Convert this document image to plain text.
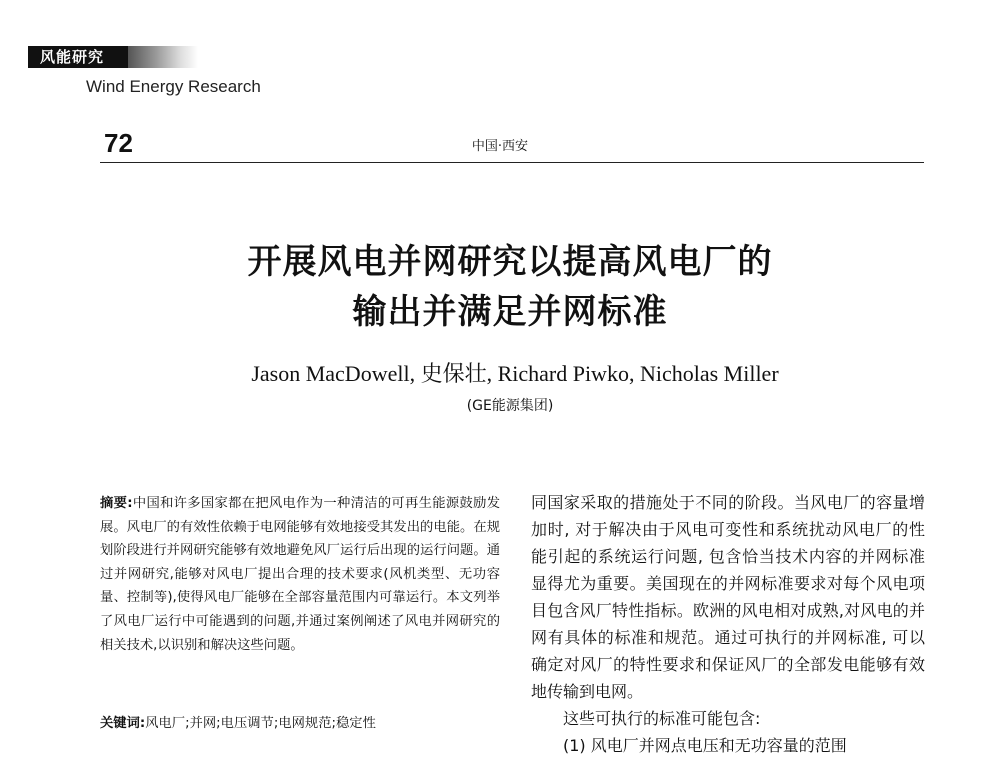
风能研究
Wind Energy Research
72	中国·西安
开展风电并网研究以提高风电厂的
输出并满足并网标准
Jason MacDowell, 史保壮, Richard Piwko, Nicholas Miller
(GE能源集团)
摘要:中国和许多国家都在把风电作为一种清洁的可再生能源鼓励发展。风电厂的有效性依赖于电网能够有效地接受其发出的电能。在规划阶段进行并网研究能够有效地避免风厂运行后出现的运行问题。通过并网研究,能够对风电厂提出合理的技术要求(风机类型、无功容量、控制等),使得风电厂能够在全部容量范围内可靠运行。本文列举了风电厂运行中可能遇到的问题,并通过案例阐述了风电并网研究的相关技术,以识别和解决这些问题。
关键词:风电厂;并网;电压调节;电网规范;稳定性

同国家采取的措施处于不同的阶段。当风电厂的容量增加时, 对于解决由于风电可变性和系统扰动风电厂的性能引起的系统运行问题, 包含恰当技术内容的并网标准显得尤为重要。美国现在的并网标准要求对每个风电项目包含风厂特性指标。欧洲的风电相对成熟,对风电的并网有具体的标准和规范。通过可执行的并网标准, 可以确定对风厂的特性要求和保证风厂的全部发电能够有效地传输到电网。

这些可执行的标准可能包含:

(1) 风电厂并网点电压和无功容量的范围
